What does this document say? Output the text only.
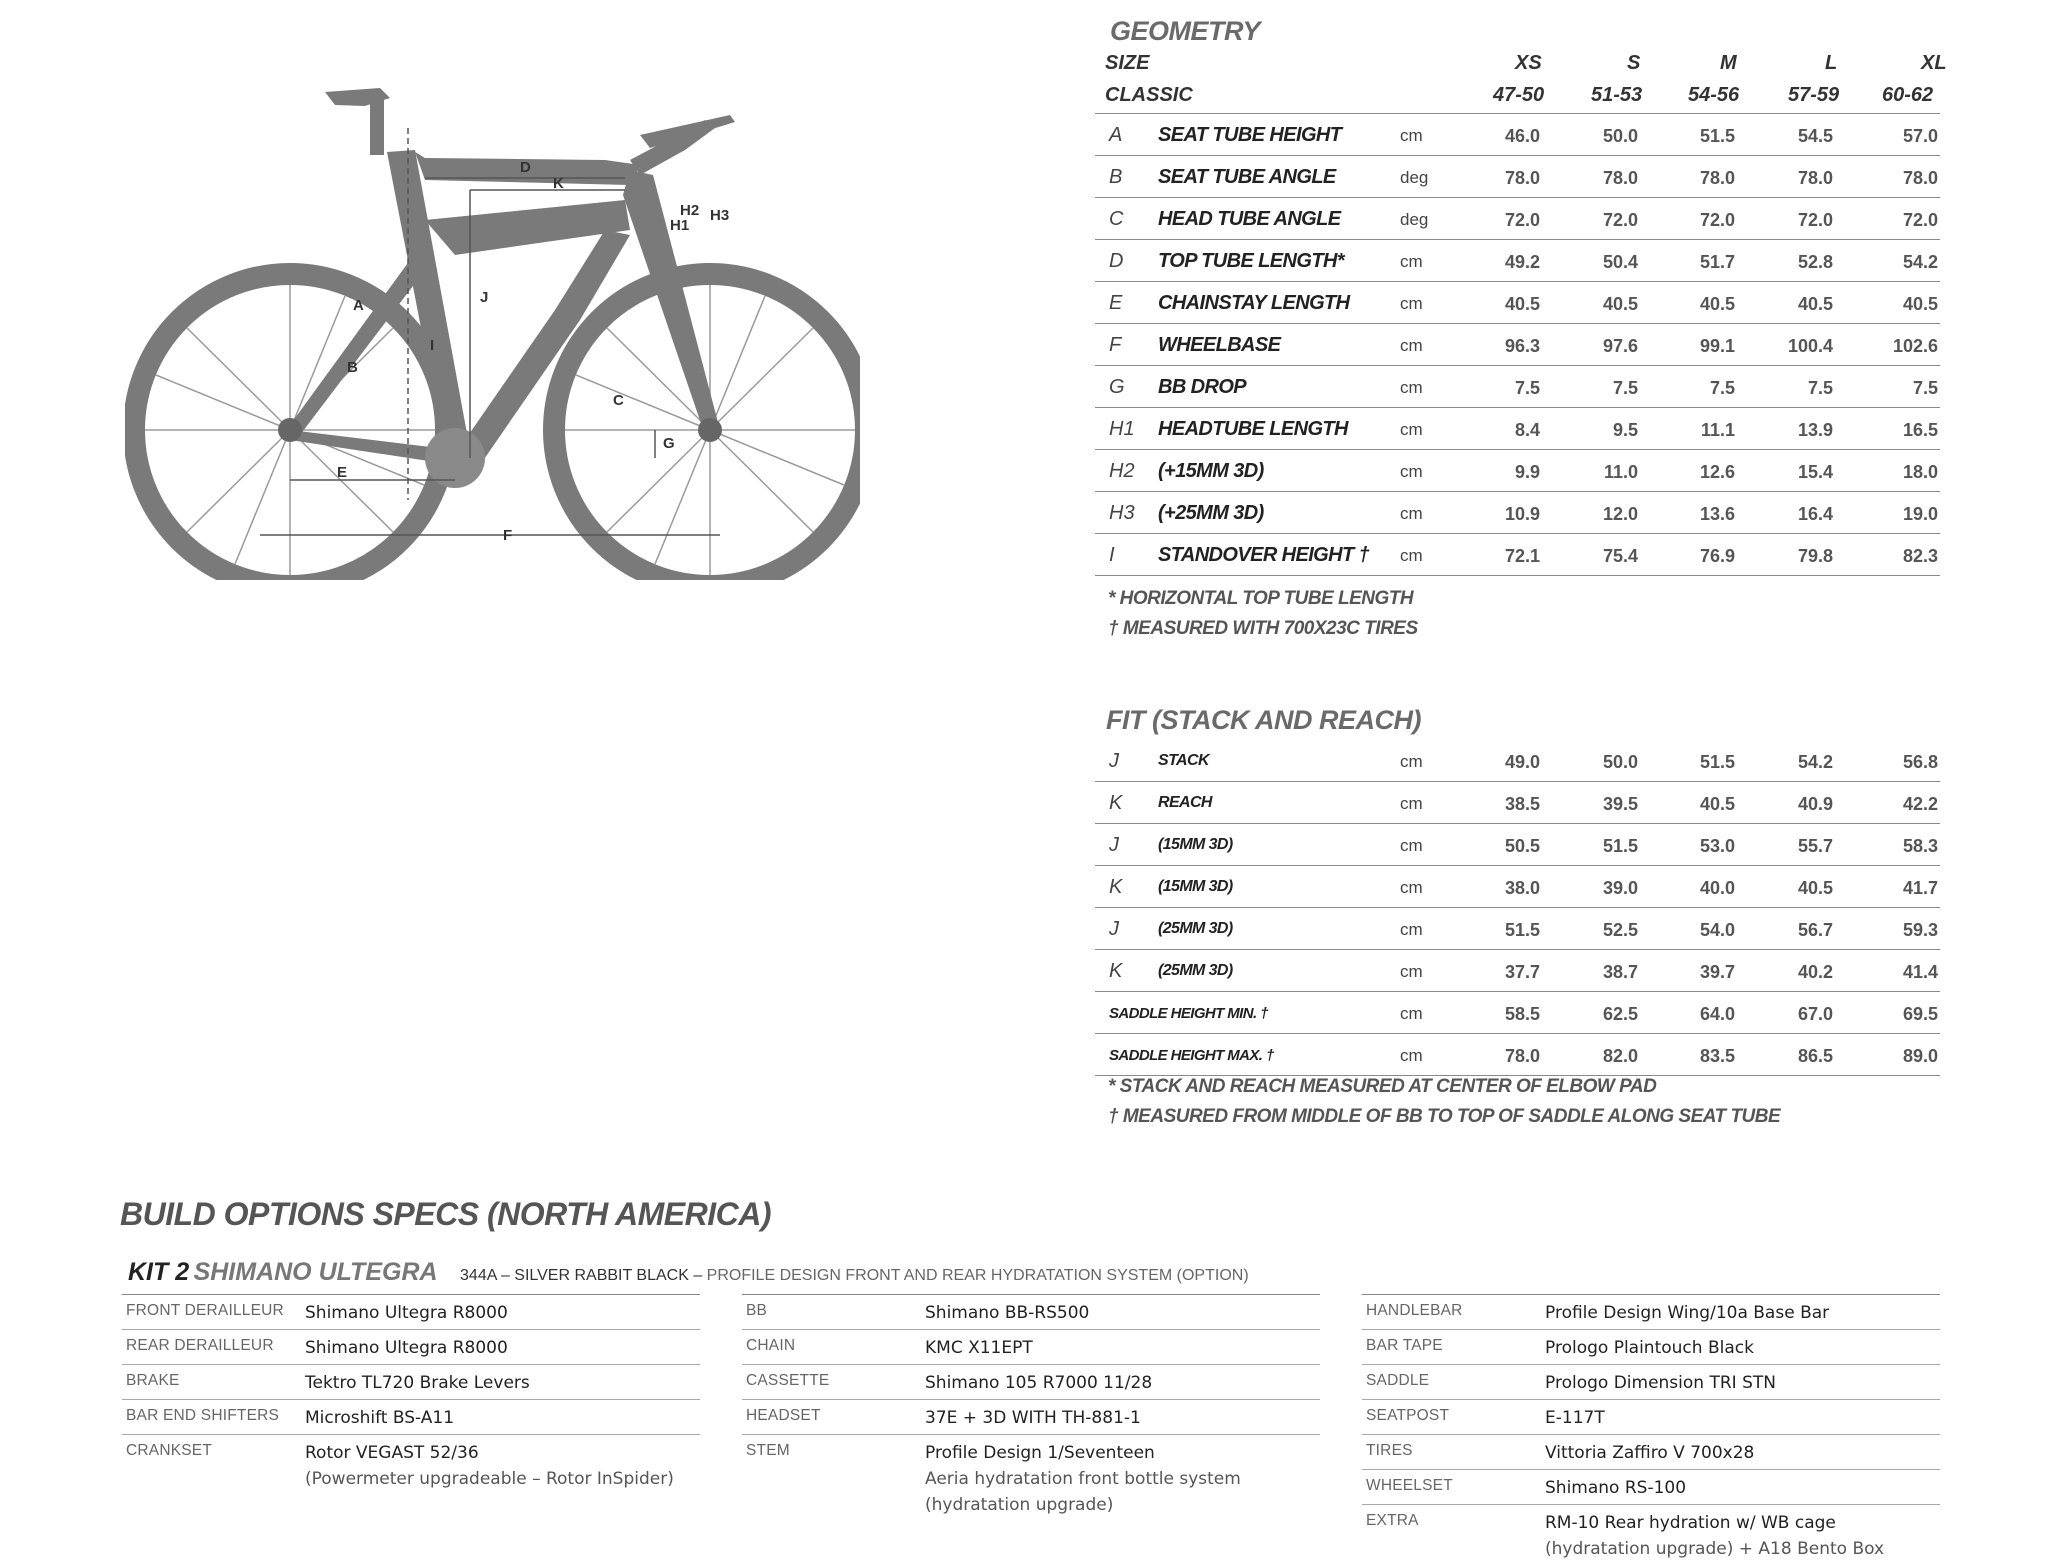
A
B
C
D
E
F
G
H1
H2 H3
I
J
K
GEOMETRY
SIZE	XS	S	M	L	XL
CLASSIC	47-50 51-53 54-56 57-59 60-62
A SEAT TUBE HEIGHT	cm	46.0	50.0	51.5	54.5	57.0
B SEAT TUBE ANGLE	deg	78.0	78.0	78.0	78.0	78.0
C HEAD TUBE ANGLE	deg	72.0	72.0	72.0	72.0	72.0
D TOP TUBE LENGTH*	cm	49.2	50.4	51.7	52.8	54.2
E CHAINSTAY LENGTH	cm	40.5	40.5	40.5	40.5	40.5
F WHEELBASE	cm	96.3	97.6	99.1	100.4	102.6
G BB DROP	cm	7.5	7.5	7.5	7.5	7.5
H1 HEADTUBE LENGTH	cm	8.4	9.5	11.1	13.9	16.5
H2 (+15MM 3D)	cm	9.9	11.0	12.6	15.4	18.0
H3 (+25MM 3D)	cm	10.9	12.0	13.6	16.4	19.0
I STANDOVER HEIGHT † cm	72.1	75.4	76.9	79.8	82.3
* HORIZONTAL TOP TUBE LENGTH
† MEASURED WITH 700X23C TIRES
FIT (STACK AND REACH)
J STACK	cm	49.0	50.0	51.5	54.2	56.8
K REACH	cm	38.5	39.5	40.5	40.9	42.2
J (15MM 3D)	cm	50.5	51.5	53.0	55.7	58.3
K (15MM 3D)	cm	38.0	39.0	40.0	40.5	41.7
J (25MM 3D)	cm	51.5	52.5	54.0	56.7	59.3
K (25MM 3D)	cm	37.7	38.7	39.7	40.2	41.4
SADDLE HEIGHT MIN. †	cm	58.5	62.5	64.0	67.0	69.5
SADDLE HEIGHT MAX. †	cm	78.0	82.0	83.5	86.5	89.0
* STACK AND REACH MEASURED AT CENTER OF ELBOW PAD
† MEASURED FROM MIDDLE OF BB TO TOP OF SADDLE ALONG SEAT TUBE
BUILD OPTIONS SPECS (NORTH AMERICA)
KIT 2 SHIMANO ULTEGRA 344A – SILVER RABBIT BLACK – PROFILE DESIGN FRONT AND REAR HYDRATATION SYSTEM (OPTION)
FRONT DERAILLEUR Shimano Ultegra R8000
REAR DERAILLEUR Shimano Ultegra R8000
BRAKE	Tektro TL720 Brake Levers
BAR END SHIFTERS Microshift BS-A11
CRANKSET	Rotor VEGAST 52/36
(Powermeter upgradeable – Rotor InSpider)
BB	Shimano BB-RS500
CHAIN	KMC X11EPT
CASSETTE	Shimano 105 R7000 11/28
HEADSET	37E + 3D WITH TH-881-1
STEM	Profile Design 1/Seventeen
Aeria hydratation front bottle system
(hydratation upgrade)
HANDLEBAR	Profile Design Wing/10a Base Bar
BAR TAPE	Prologo Plaintouch Black
SADDLE	Prologo Dimension TRI STN
SEATPOST	E-117T
TIRES	Vittoria Zaffiro V 700x28
WHEELSET	Shimano RS-100
EXTRA	RM-10 Rear hydration w/ WB cage
(hydratation upgrade) + A18 Bento Box
